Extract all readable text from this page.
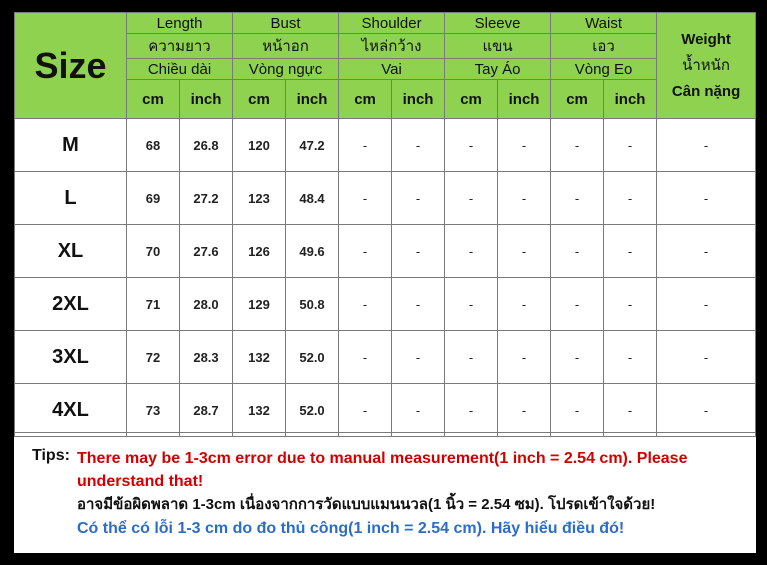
Size	Length		Bust		Shoulder		Sleeve		Waist		Weight
น้ำหนัก
Cân nặng	

	ความยาว		หน้าอก		ไหล่กว้าง		แขน		เอว			
	Chiều dài		Vòng ngực		Vai		Tay Áo		Vòng Eo			
	cm	inch	cm	inch	cm	inch	cm	inch	cm	inch		
M	68	26.8	120	47.2	-	-	-	-	-	-	-	
L	69	27.2	123	48.4	-	-	-	-	-	-	-	
XL	70	27.6	126	49.6	-	-	-	-	-	-	-	
2XL	71	28.0	129	50.8	-	-	-	-	-	-	-	
3XL	72	28.3	132	52.0	-	-	-	-	-	-	-	
4XL	73	28.7	132	52.0	-	-	-	-	-	-	-	
Tips: There may be 1-3cm error due to manual measurement(1 inch = 2.54 cm). Please understand that!
อาจมีข้อผิดพลาด 1-3cm เนื่องจากการวัดแบบแมนนวล(1 นิ้ว = 2.54 ซม). โปรดเข้าใจด้วย!
Có thể có lỗi 1-3 cm do đo thủ công(1 inch = 2.54 cm). Hãy hiểu điều đó!
